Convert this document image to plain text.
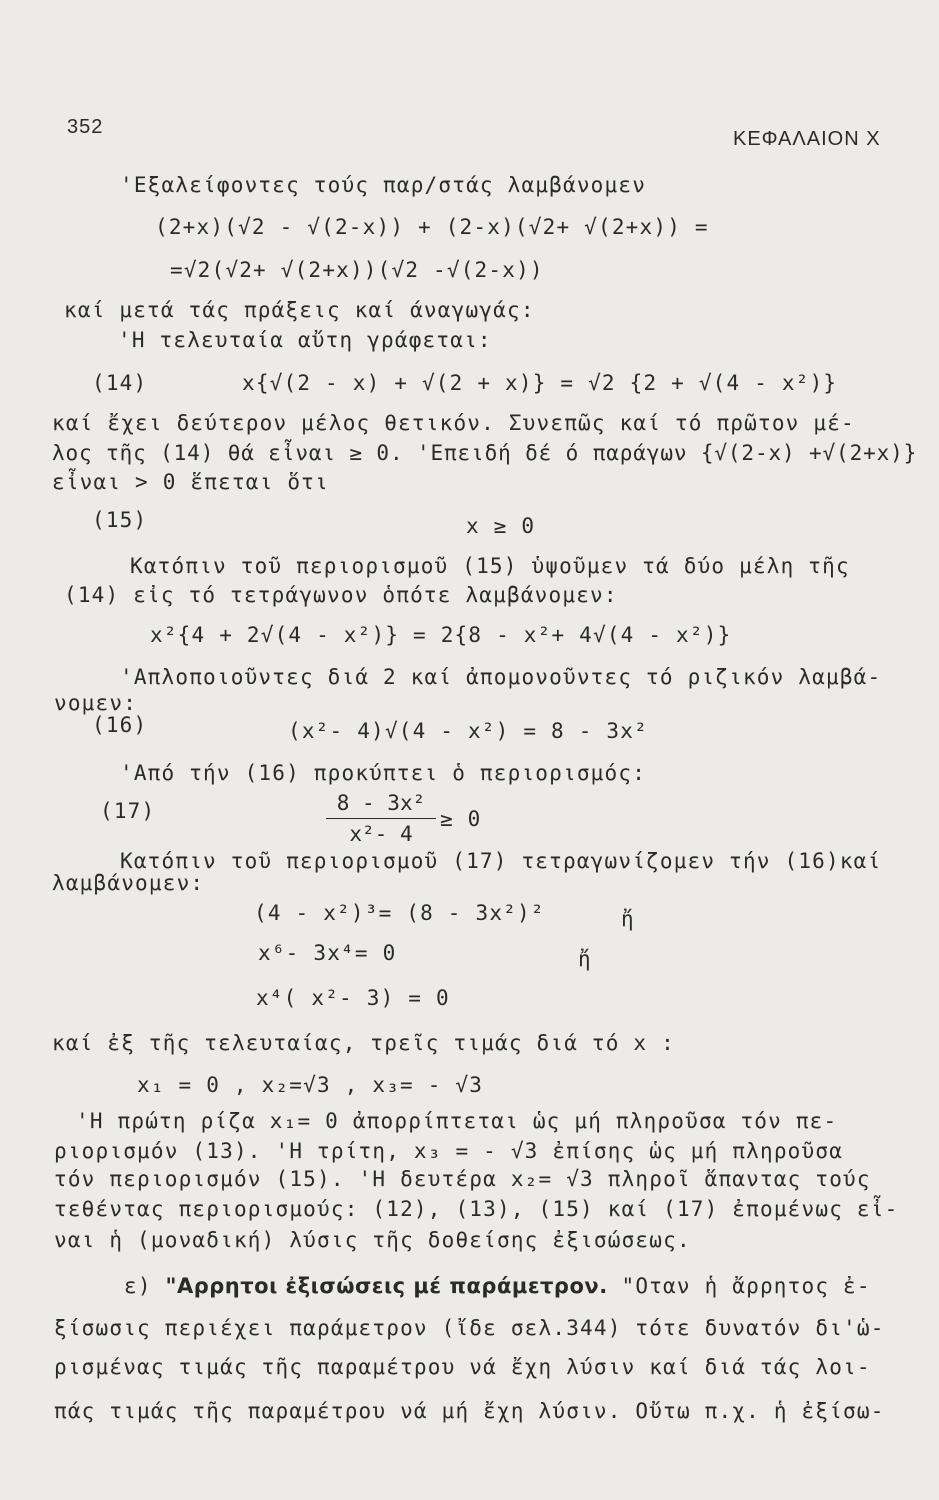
352
ΚΕΦΑΛΑΙΟΝ Χ
'Εξαλείφοντες τούς παρ/στάς λαμβάνομεν
(2+x)(√2 - √(2-x)) + (2-x)(√2+ √(2+x)) =
=√2(√2+ √(2+x))(√2 -√(2-x))
καί μετά τάς πράξεις καί άναγωγάς:
'Η τελευταία αὔτη γράφεται:
(14)	x{√(2 - x) + √(2 + x)} = √2 {2 + √(4 - x²)}
καί ἔχει δεύτερον μέλος θετικόν. Συνεπῶς καί τό πρῶτον μέ-
λος τῆς (14) θά εἶναι ≥ 0. 'Επειδή δέ ό παράγων {√(2-x) +√(2+x)}
εἶναι > 0 ἕπεται ὅτι
(15)	x ≥ 0
Κατόπιν τοῦ περιορισμοῦ (15) ὑψοῦμεν τά δύο μέλη τῆς
(14) εἰς τό τετράγωνον ὁπότε λαμβάνομεν:
x²{4 + 2√(4 - x²)} = 2{8 - x²+ 4√(4 - x²)}
'Απλοποιοῦντες διά 2 καί ἀπομονοῦντες τό ριζικόν λαμβά-
νομεν:
(16)	(x²- 4)√(4 - x²) = 8 - 3x²
'Από τήν (16) προκύπτει ὁ περιορισμός:
(17)	8 - 3x²
x²- 4
≥ 0
Κατόπιν τοῦ περιορισμοῦ (17) τετραγωνίζομεν τήν (16)καί
λαμβάνομεν:
(4 - x²)³= (8 - 3x²)²	ἤ
x⁶- 3x⁴= 0	ἤ
x⁴( x²- 3) = 0
καί ἐξ τῆς τελευταίας, τρεῖς τιμάς διά τό x :
x₁ = 0 , x₂=√3 , x₃= - √3
'Η πρώτη ρίζα x₁= 0 ἀπορρίπτεται ὡς μή πληροῦσα τόν πε-
ριορισμόν (13). 'Η τρίτη, x₃ = - √3 ἐπίσης ὡς μή πληροῦσα
τόν περιορισμόν (15). 'Η δευτέρα x₂= √3 πληροῖ ἅπαντας τούς
τεθέντας περιορισμούς: (12), (13), (15) καί (17) ἐπομένως εἶ-
ναι ἡ (μοναδική) λύσις τῆς δοθείσης ἐξισώσεως.
ε) "Αρρητοι ἐξισώσεις μέ παράμετρον. "Οταν ἡ ἄρρητος ἐ-
ξίσωσις περιέχει παράμετρον (ἴδε σελ.344) τότε δυνατόν δι'ὡ-
ρισμένας τιμάς τῆς παραμέτρου νά ἔχη λύσιν καί διά τάς λοι-
πάς τιμάς τῆς παραμέτρου νά μή ἔχη λύσιν. Οὔτω π.χ. ἡ ἐξίσω-
